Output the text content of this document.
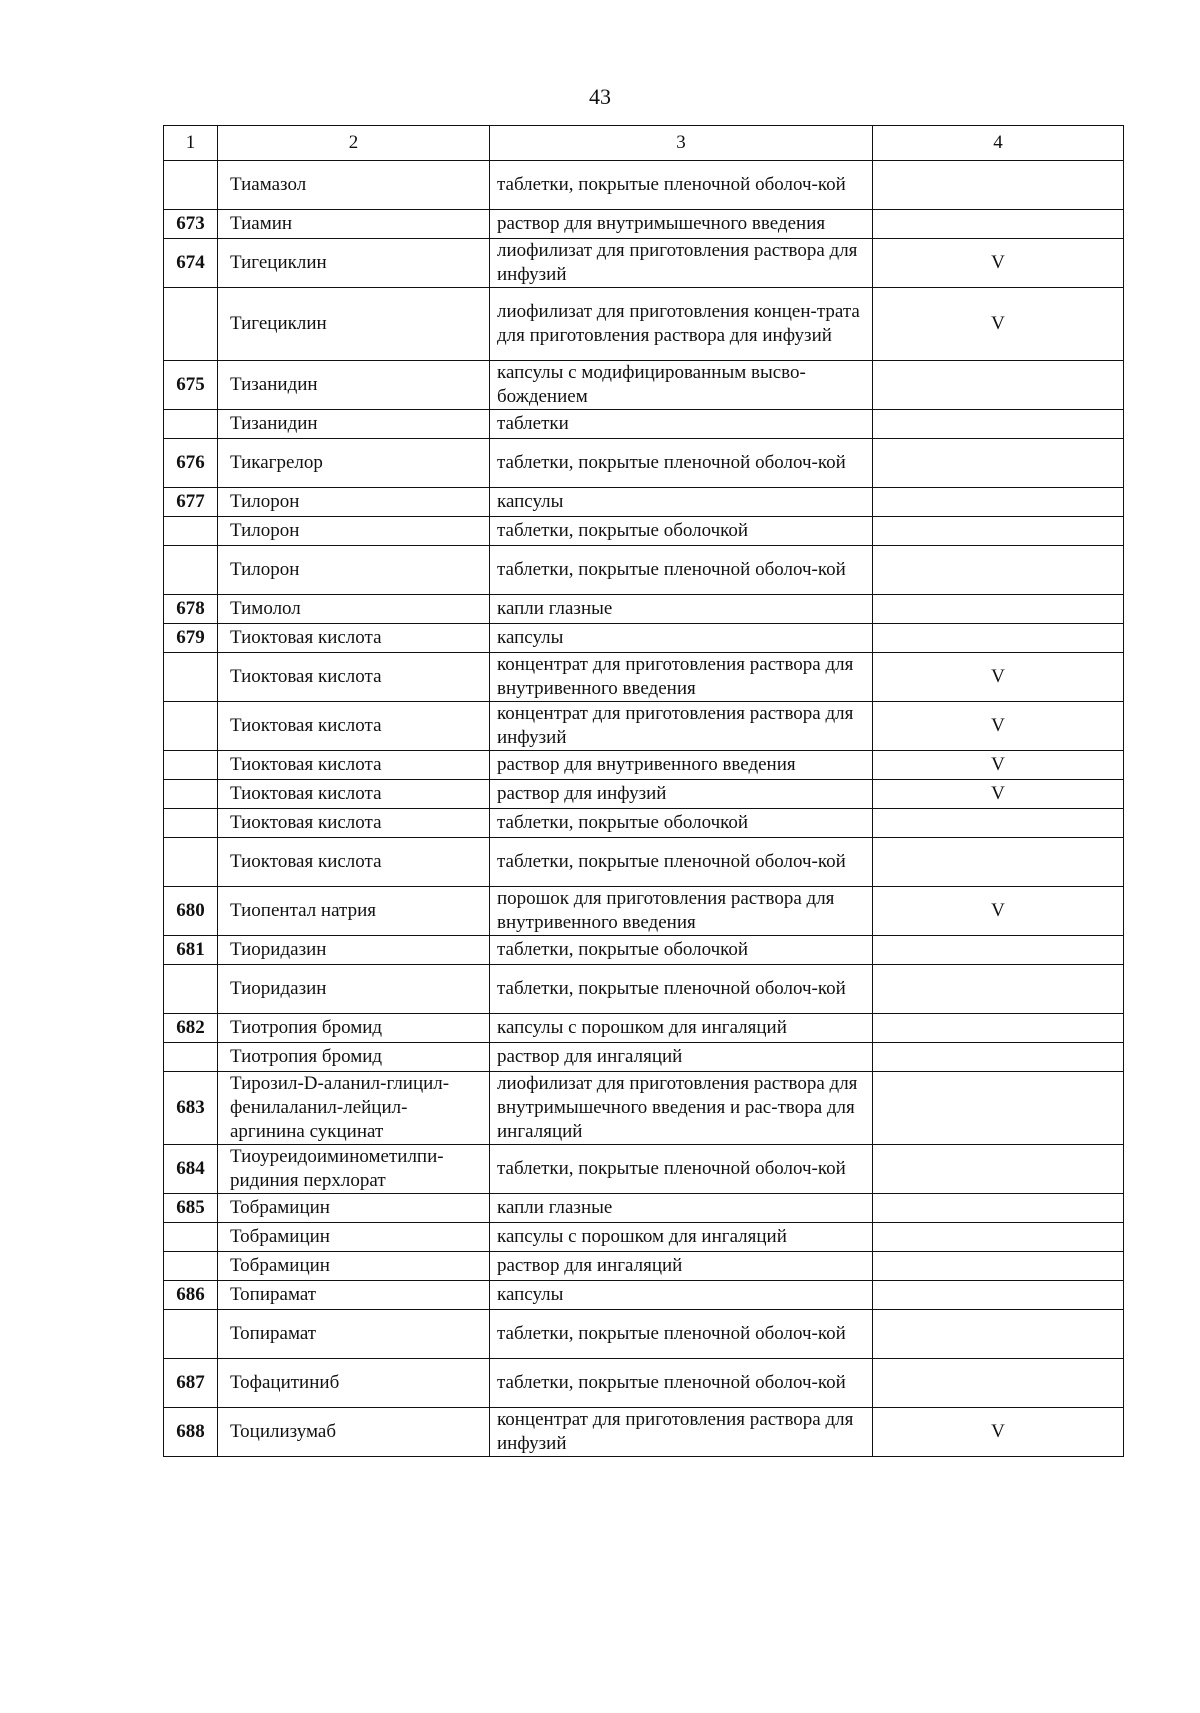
43
1	2	3	4
	Тиамазол	таблетки, покрытые пленочной оболоч-кой	
673	Тиамин	раствор для внутримышечного введения	
674	Тигециклин	лиофилизат для приготовления раствора для инфузий	V
	Тигециклин	лиофилизат для приготовления концен-трата для приготовления раствора для инфузий	V
675	Тизанидин	капсулы с модифицированным высво-бождением	
	Тизанидин	таблетки	
676	Тикагрелор	таблетки, покрытые пленочной оболоч-кой	
677	Тилорон	капсулы	
	Тилорон	таблетки, покрытые оболочкой	
	Тилорон	таблетки, покрытые пленочной оболоч-кой	
678	Тимолол	капли глазные	
679	Тиоктовая кислота	капсулы	
	Тиоктовая кислота	концентрат для приготовления раствора для внутривенного введения	V
	Тиоктовая кислота	концентрат для приготовления раствора для инфузий	V
	Тиоктовая кислота	раствор для внутривенного введения	V
	Тиоктовая кислота	раствор для инфузий	V
	Тиоктовая кислота	таблетки, покрытые оболочкой	
	Тиоктовая кислота	таблетки, покрытые пленочной оболоч-кой	
680	Тиопентал натрия	порошок для приготовления раствора для внутривенного введения	V
681	Тиоридазин	таблетки, покрытые оболочкой	
	Тиоридазин	таблетки, покрытые пленочной оболоч-кой	
682	Тиотропия бромид	капсулы с порошком для ингаляций	
	Тиотропия бромид	раствор для ингаляций	
683	Тирозил-D-аланил-глицил-фенилаланил-лейцил-аргинина сукцинат	лиофилизат для приготовления раствора для внутримышечного введения и рас-твора для ингаляций	
684	Тиоуреидоиминометилпи-ридиния перхлорат	таблетки, покрытые пленочной оболоч-кой	
685	Тобрамицин	капли глазные	
	Тобрамицин	капсулы с порошком для ингаляций	
	Тобрамицин	раствор для ингаляций	
686	Топирамат	капсулы	
	Топирамат	таблетки, покрытые пленочной оболоч-кой	
687	Тофацитиниб	таблетки, покрытые пленочной оболоч-кой	
688	Тоцилизумаб	концентрат для приготовления раствора для инфузий	V
